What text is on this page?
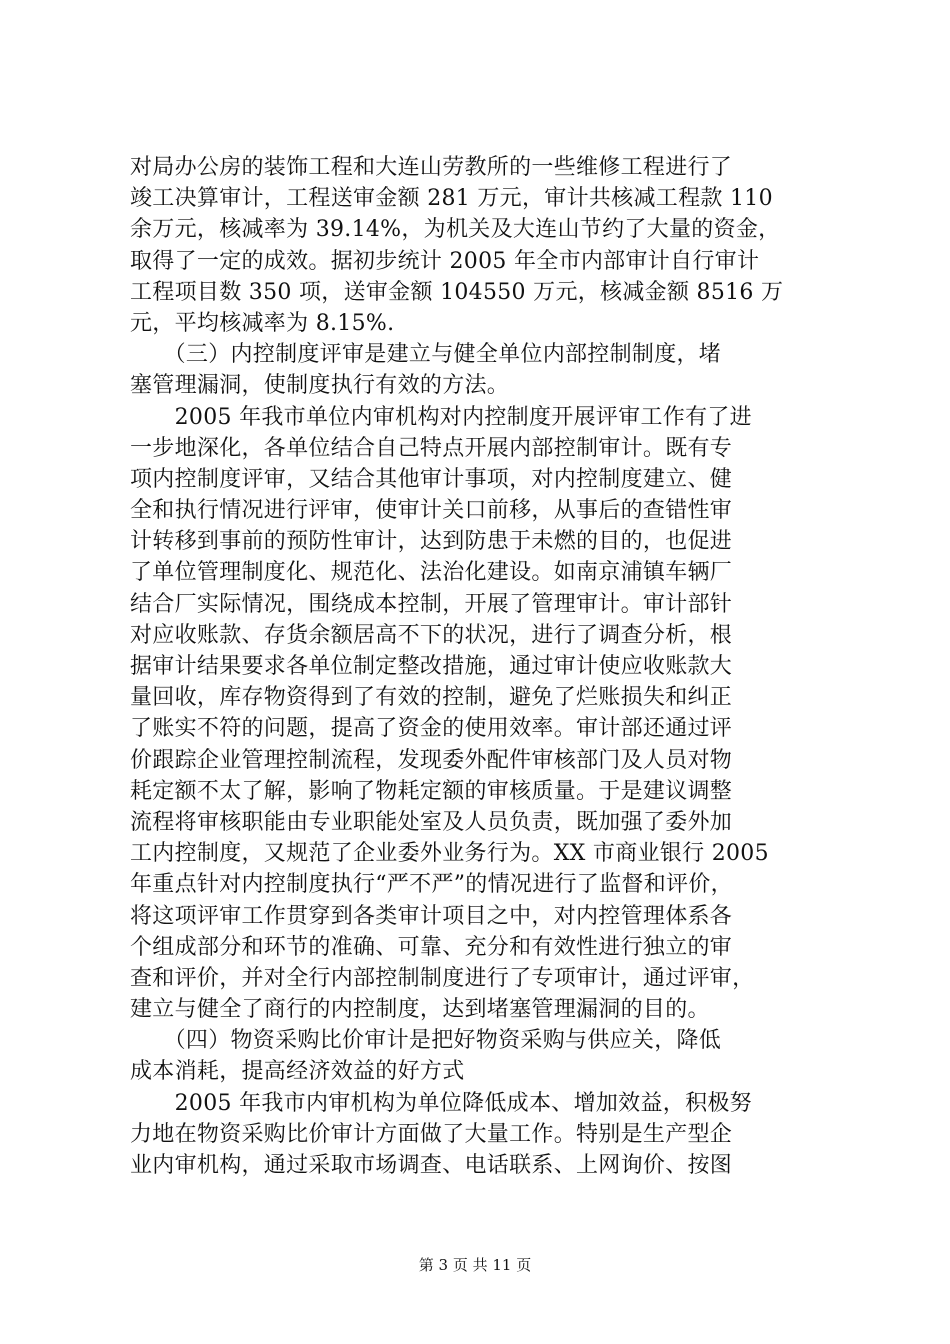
对局办公房的装饰工程和大连山劳教所的一些维修工程进行了
竣工决算审计，工程送审金额 281 万元，审计共核减工程款 110
余万元，核减率为 39.14%，为机关及大连山节约了大量的资金，
取得了一定的成效。据初步统计 2005 年全市内部审计自行审计
工程项目数 350 项，送审金额 104550 万元，核减金额 8516 万
元，平均核减率为 8.15%.
　　（三）内控制度评审是建立与健全单位内部控制制度，堵
塞管理漏洞，使制度执行有效的方法。
　　2005 年我市单位内审机构对内控制度开展评审工作有了进
一步地深化，各单位结合自己特点开展内部控制审计。既有专
项内控制度评审，又结合其他审计事项，对内控制度建立、健
全和执行情况进行评审，使审计关口前移，从事后的查错性审
计转移到事前的预防性审计，达到防患于未燃的目的，也促进
了单位管理制度化、规范化、法治化建设。如南京浦镇车辆厂
结合厂实际情况，围绕成本控制，开展了管理审计。审计部针
对应收账款、存货余额居高不下的状况，进行了调查分析，根
据审计结果要求各单位制定整改措施，通过审计使应收账款大
量回收，库存物资得到了有效的控制，避免了烂账损失和纠正
了账实不符的问题，提高了资金的使用效率。审计部还通过评
价跟踪企业管理控制流程，发现委外配件审核部门及人员对物
耗定额不太了解，影响了物耗定额的审核质量。于是建议调整
流程将审核职能由专业职能处室及人员负责，既加强了委外加
工内控制度，又规范了企业委外业务行为。XX 市商业银行 2005
年重点针对内控制度执行“严不严”的情况进行了监督和评价，
将这项评审工作贯穿到各类审计项目之中，对内控管理体系各
个组成部分和环节的准确、可靠、充分和有效性进行独立的审
查和评价，并对全行内部控制制度进行了专项审计，通过评审，
建立与健全了商行的内控制度，达到堵塞管理漏洞的目的。
　　（四）物资采购比价审计是把好物资采购与供应关，降低
成本消耗，提高经济效益的好方式
　　2005 年我市内审机构为单位降低成本、增加效益，积极努
力地在物资采购比价审计方面做了大量工作。特别是生产型企
业内审机构，通过采取市场调查、电话联系、上网询价、按图
第 3 页 共 11 页
